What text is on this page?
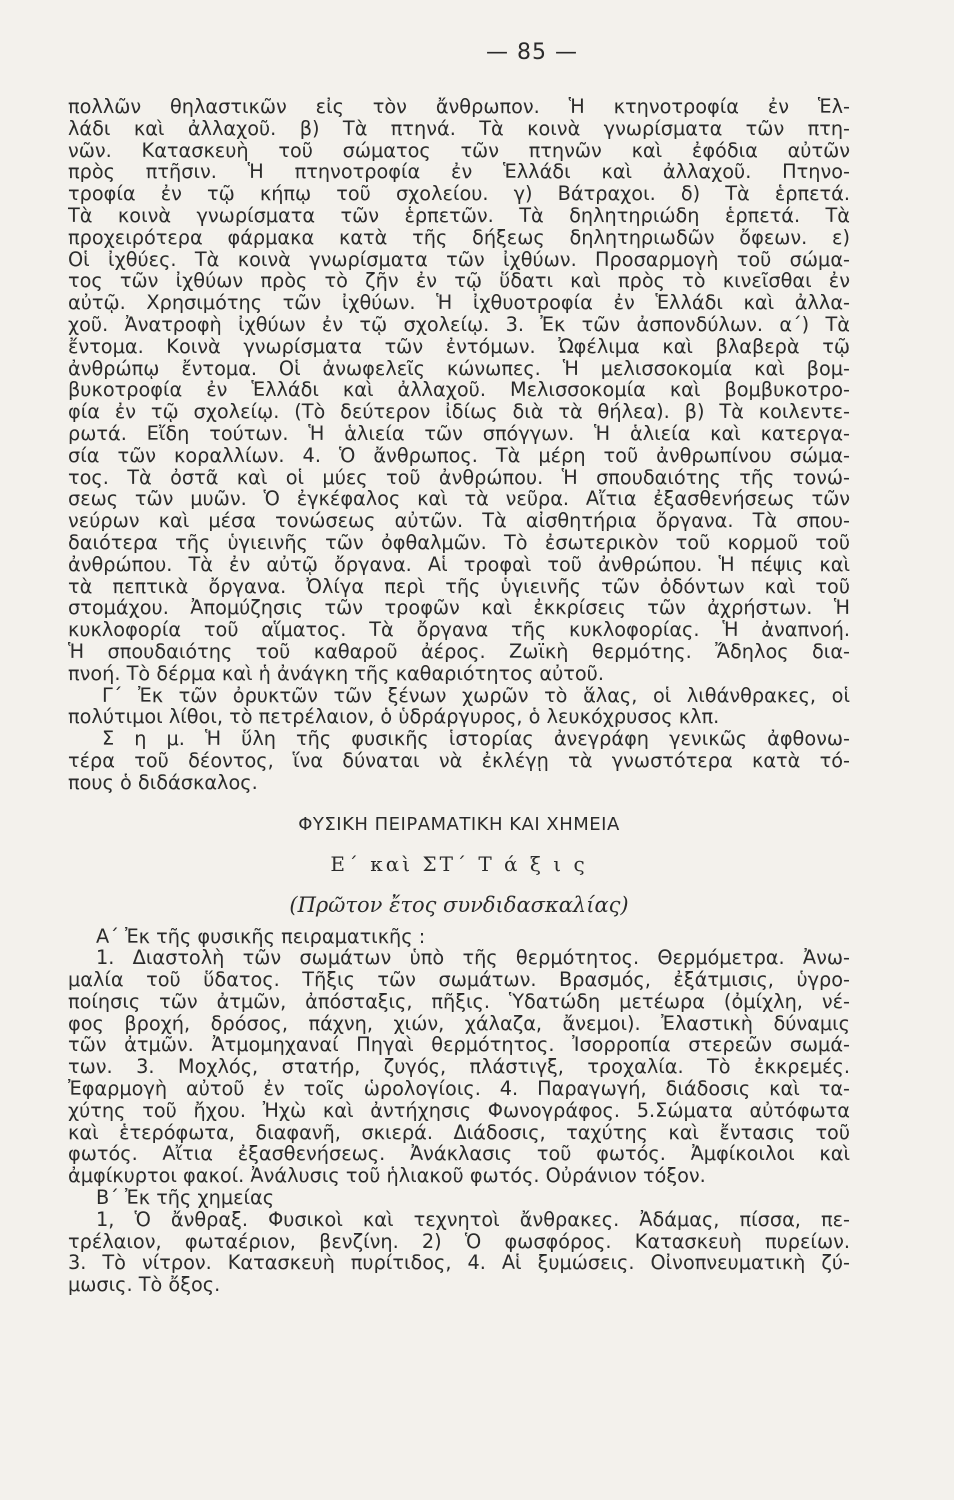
— 85 —
πολλῶν θηλαστικῶν εἰς τὸν ἄνθρωπον. Ἡ κτηνοτροφία ἐν Ἑλ-
λάδι καὶ ἀλλαχοῦ. β) Τὰ πτηνά. Τὰ κοινὰ γνωρίσματα τῶν πτη-
νῶν. Κατασκευὴ τοῦ σώματος τῶν πτηνῶν καὶ ἐφόδια αὐτῶν
πρὸς πτῆσιν. Ἡ πτηνοτροφία ἐν Ἑλλάδι καὶ ἀλλαχοῦ. Πτηνο-
τροφία ἐν τῷ κήπῳ τοῦ σχολείου. γ) Βάτραχοι. δ) Τὰ ἑρπετά.
Τὰ κοινὰ γνωρίσματα τῶν ἑρπετῶν. Τὰ δηλητηριώδη ἑρπετά. Τὰ
προχειρότερα φάρμακα κατὰ τῆς δήξεως δηλητηριωδῶν ὄφεων. ε)
Οἱ ἰχθύες. Τὰ κοινὰ γνωρίσματα τῶν ἰχθύων. Προσαρμογὴ τοῦ σώμα-
τος τῶν ἰχθύων πρὸς τὸ ζῆν ἐν τῷ ὕδατι καὶ πρὸς τὸ κινεῖσθαι ἐν
αὐτῷ. Χρησιμότης τῶν ἰχθύων. Ἡ ἰχθυοτροφία ἐν Ἑλλάδι καὶ ἀλλα-
χοῦ. Ἀνατροφὴ ἰχθύων ἐν τῷ σχολείῳ. 3. Ἐκ τῶν ἀσπονδύλων. α΄) Τὰ
ἔντομα. Κοινὰ γνωρίσματα τῶν ἐντόμων. Ὠφέλιμα καὶ βλαβερὰ τῷ
ἀνθρώπῳ ἔντομα. Οἱ ἀνωφελεῖς κώνωπες. Ἡ μελισσοκομία καὶ βομ-
βυκοτροφία ἐν Ἑλλάδι καὶ ἀλλαχοῦ. Μελισσοκομία καὶ βομβυκοτρο-
φία ἐν τῷ σχολείῳ. (Τὸ δεύτερον ἰδίως διὰ τὰ θήλεα). β) Τὰ κοιλεντε-
ρωτά. Εἴδη τούτων. Ἡ ἁλιεία τῶν σπόγγων. Ἡ ἁλιεία καὶ κατεργα-
σία τῶν κοραλλίων. 4. Ὁ ἄνθρωπος. Τὰ μέρη τοῦ ἀνθρωπίνου σώμα-
τος. Τὰ ὀστᾶ καὶ οἱ μύες τοῦ ἀνθρώπου. Ἡ σπουδαιότης τῆς τονώ-
σεως τῶν μυῶν. Ὁ ἐγκέφαλος καὶ τὰ νεῦρα. Αἴτια ἐξασθενήσεως τῶν
νεύρων καὶ μέσα τονώσεως αὐτῶν. Τὰ αἰσθητήρια ὄργανα. Τὰ σπου-
δαιότερα τῆς ὑγιεινῆς τῶν ὀφθαλμῶν. Τὸ ἐσωτερικὸν τοῦ κορμοῦ τοῦ
ἀνθρώπου. Τὰ ἐν αὐτῷ ὄργανα. Αἱ τροφαὶ τοῦ ἀνθρώπου. Ἡ πέψις καὶ
τὰ πεπτικὰ ὄργανα. Ὀλίγα περὶ τῆς ὑγιεινῆς τῶν ὀδόντων καὶ τοῦ
στομάχου. Ἀπομύζησις τῶν τροφῶν καὶ ἐκκρίσεις τῶν ἀχρήστων. Ἡ
κυκλοφορία τοῦ αἵματος. Τὰ ὄργανα τῆς κυκλοφορίας. Ἡ ἀναπνοή.
Ἡ σπουδαιότης τοῦ καθαροῦ ἀέρος. Ζωϊκὴ θερμότης. Ἄδηλος δια-
πνοή. Τὸ δέρμα καὶ ἡ ἀνάγκη τῆς καθαριότητος αὐτοῦ.
Γ΄ Ἐκ τῶν ὀρυκτῶν τῶν ξένων χωρῶν τὸ ἅλας, οἱ λιθάνθρακες, οἱ
πολύτιμοι λίθοι, τὸ πετρέλαιον, ὁ ὑδράργυρος, ὁ λευκόχρυσος κλπ.
Σ η μ. Ἡ ὕλη τῆς φυσικῆς ἱστορίας ἀνεγράφη γενικῶς ἀφθονω-
τέρα τοῦ δέοντος, ἵνα δύναται νὰ ἐκλέγῃ τὰ γνωστότερα κατὰ τό-
πους ὁ διδάσκαλος.
ΦΥΣΙΚΗ ΠΕΙΡΑΜΑΤΙΚΗ ΚΑΙ ΧΗΜΕΙΑ
Ε΄ καὶ ΣΤ΄ Τ ά ξ ι ς
(Πρῶτον ἔτος συνδιδασκαλίας)
Α΄ Ἐκ τῆς φυσικῆς πειραματικῆς :
1. Διαστολὴ τῶν σωμάτων ὑπὸ τῆς θερμότητος. Θερμόμετρα. Ἀνω-
μαλία τοῦ ὕδατος. Τῆξις τῶν σωμάτων. Βρασμός, ἐξάτμισις, ὑγρο-
ποίησις τῶν ἀτμῶν, ἀπόσταξις, πῆξις. Ὑδατώδη μετέωρα (ὀμίχλη, νέ-
φος βροχή, δρόσος, πάχνη, χιών, χάλαζα, ἄνεμοι). Ἐλαστικὴ δύναμις
τῶν ἀτμῶν. Ἀτμομηχαναί Πηγαὶ θερμότητος. Ἰσορροπία στερεῶν σωμά-
των. 3. Μοχλός, στατήρ, ζυγός, πλάστιγξ, τροχαλία. Τὸ ἐκκρεμές.
Ἐφαρμογὴ αὐτοῦ ἐν τοῖς ὡρολογίοις. 4. Παραγωγή, διάδοσις καὶ τα-
χύτης τοῦ ἤχου. Ἠχὼ καὶ ἀντήχησις Φωνογράφος. 5.Σώματα αὐτόφωτα
καὶ ἑτερόφωτα, διαφανῆ, σκιερά. Διάδοσις, ταχύτης καὶ ἔντασις τοῦ
φωτός. Αἴτια ἐξασθενήσεως. Ἀνάκλασις τοῦ φωτός. Ἀμφίκοιλοι καὶ
ἀμφίκυρτοι φακοί. Ἀνάλυσις τοῦ ἡλιακοῦ φωτός. Οὐράνιον τόξον.
Β΄ Ἐκ τῆς χημείας
1, Ὁ ἄνθραξ. Φυσικοὶ καὶ τεχνητοὶ ἄνθρακες. Ἀδάμας, πίσσα, πε-
τρέλαιον, φωταέριον, βενζίνη. 2) Ὁ φωσφόρος. Κατασκευὴ πυρείων.
3. Τὸ νίτρον. Κατασκευὴ πυρίτιδος, 4. Αἱ ξυμώσεις. Οἰνοπνευματικὴ ζύ-
μωσις. Τὸ ὄξος.
